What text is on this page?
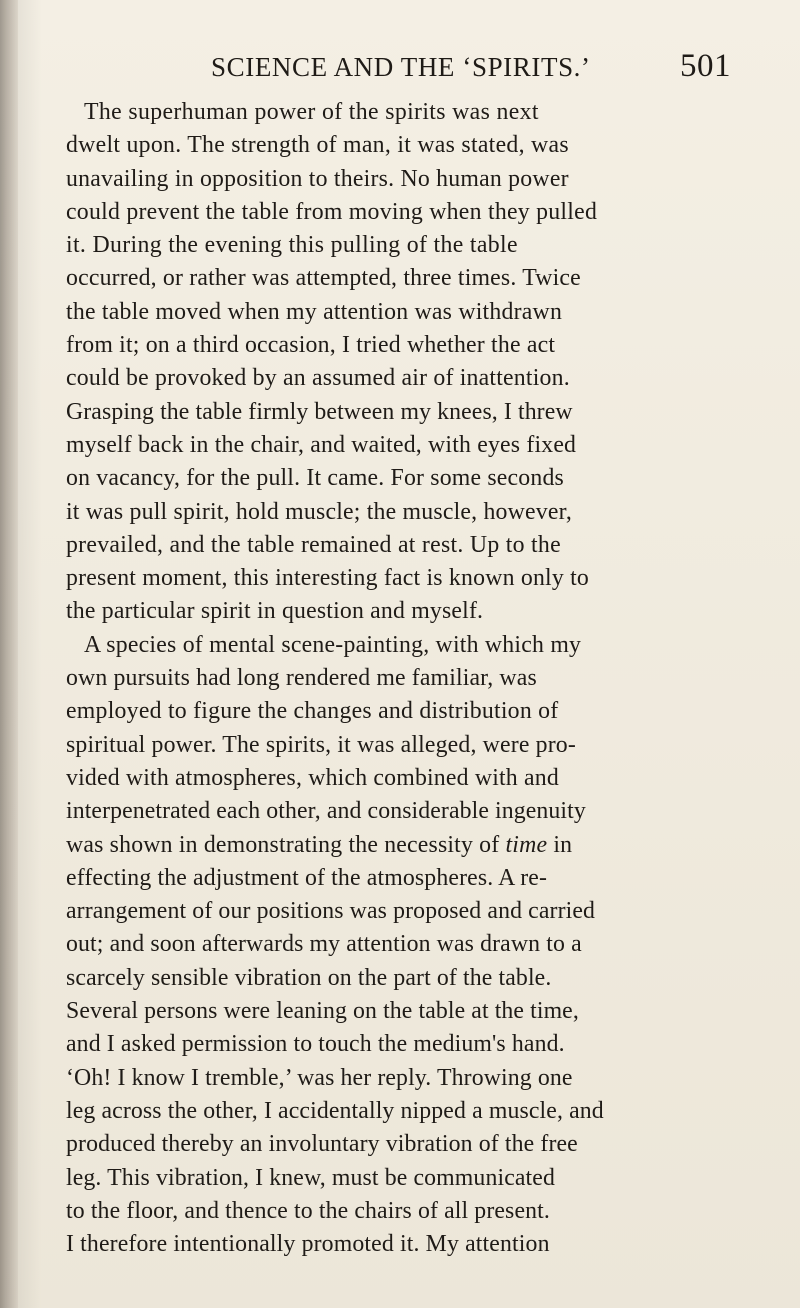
SCIENCE AND THE ‘SPIRITS.’	501
The superhuman power of the spirits was next
dwelt upon. The strength of man, it was stated, was
unavailing in opposition to theirs. No human power
could prevent the table from moving when they pulled
it. During the evening this pulling of the table
occurred, or rather was attempted, three times. Twice
the table moved when my attention was withdrawn
from it; on a third occasion, I tried whether the act
could be provoked by an assumed air of inattention.
Grasping the table firmly between my knees, I threw
myself back in the chair, and waited, with eyes fixed
on vacancy, for the pull. It came. For some seconds
it was pull spirit, hold muscle; the muscle, however,
prevailed, and the table remained at rest. Up to the
present moment, this interesting fact is known only to
the particular spirit in question and myself.
A species of mental scene-painting, with which my
own pursuits had long rendered me familiar, was
employed to figure the changes and distribution of
spiritual power. The spirits, it was alleged, were pro-
vided with atmospheres, which combined with and
interpenetrated each other, and considerable ingenuity
was shown in demonstrating the necessity of time in
effecting the adjustment of the atmospheres. A re-
arrangement of our positions was proposed and carried
out; and soon afterwards my attention was drawn to a
scarcely sensible vibration on the part of the table.
Several persons were leaning on the table at the time,
and I asked permission to touch the medium's hand.
‘Oh! I know I tremble,’ was her reply. Throwing one
leg across the other, I accidentally nipped a muscle, and
produced thereby an involuntary vibration of the free
leg. This vibration, I knew, must be communicated
to the floor, and thence to the chairs of all present.
I therefore intentionally promoted it. My attention
